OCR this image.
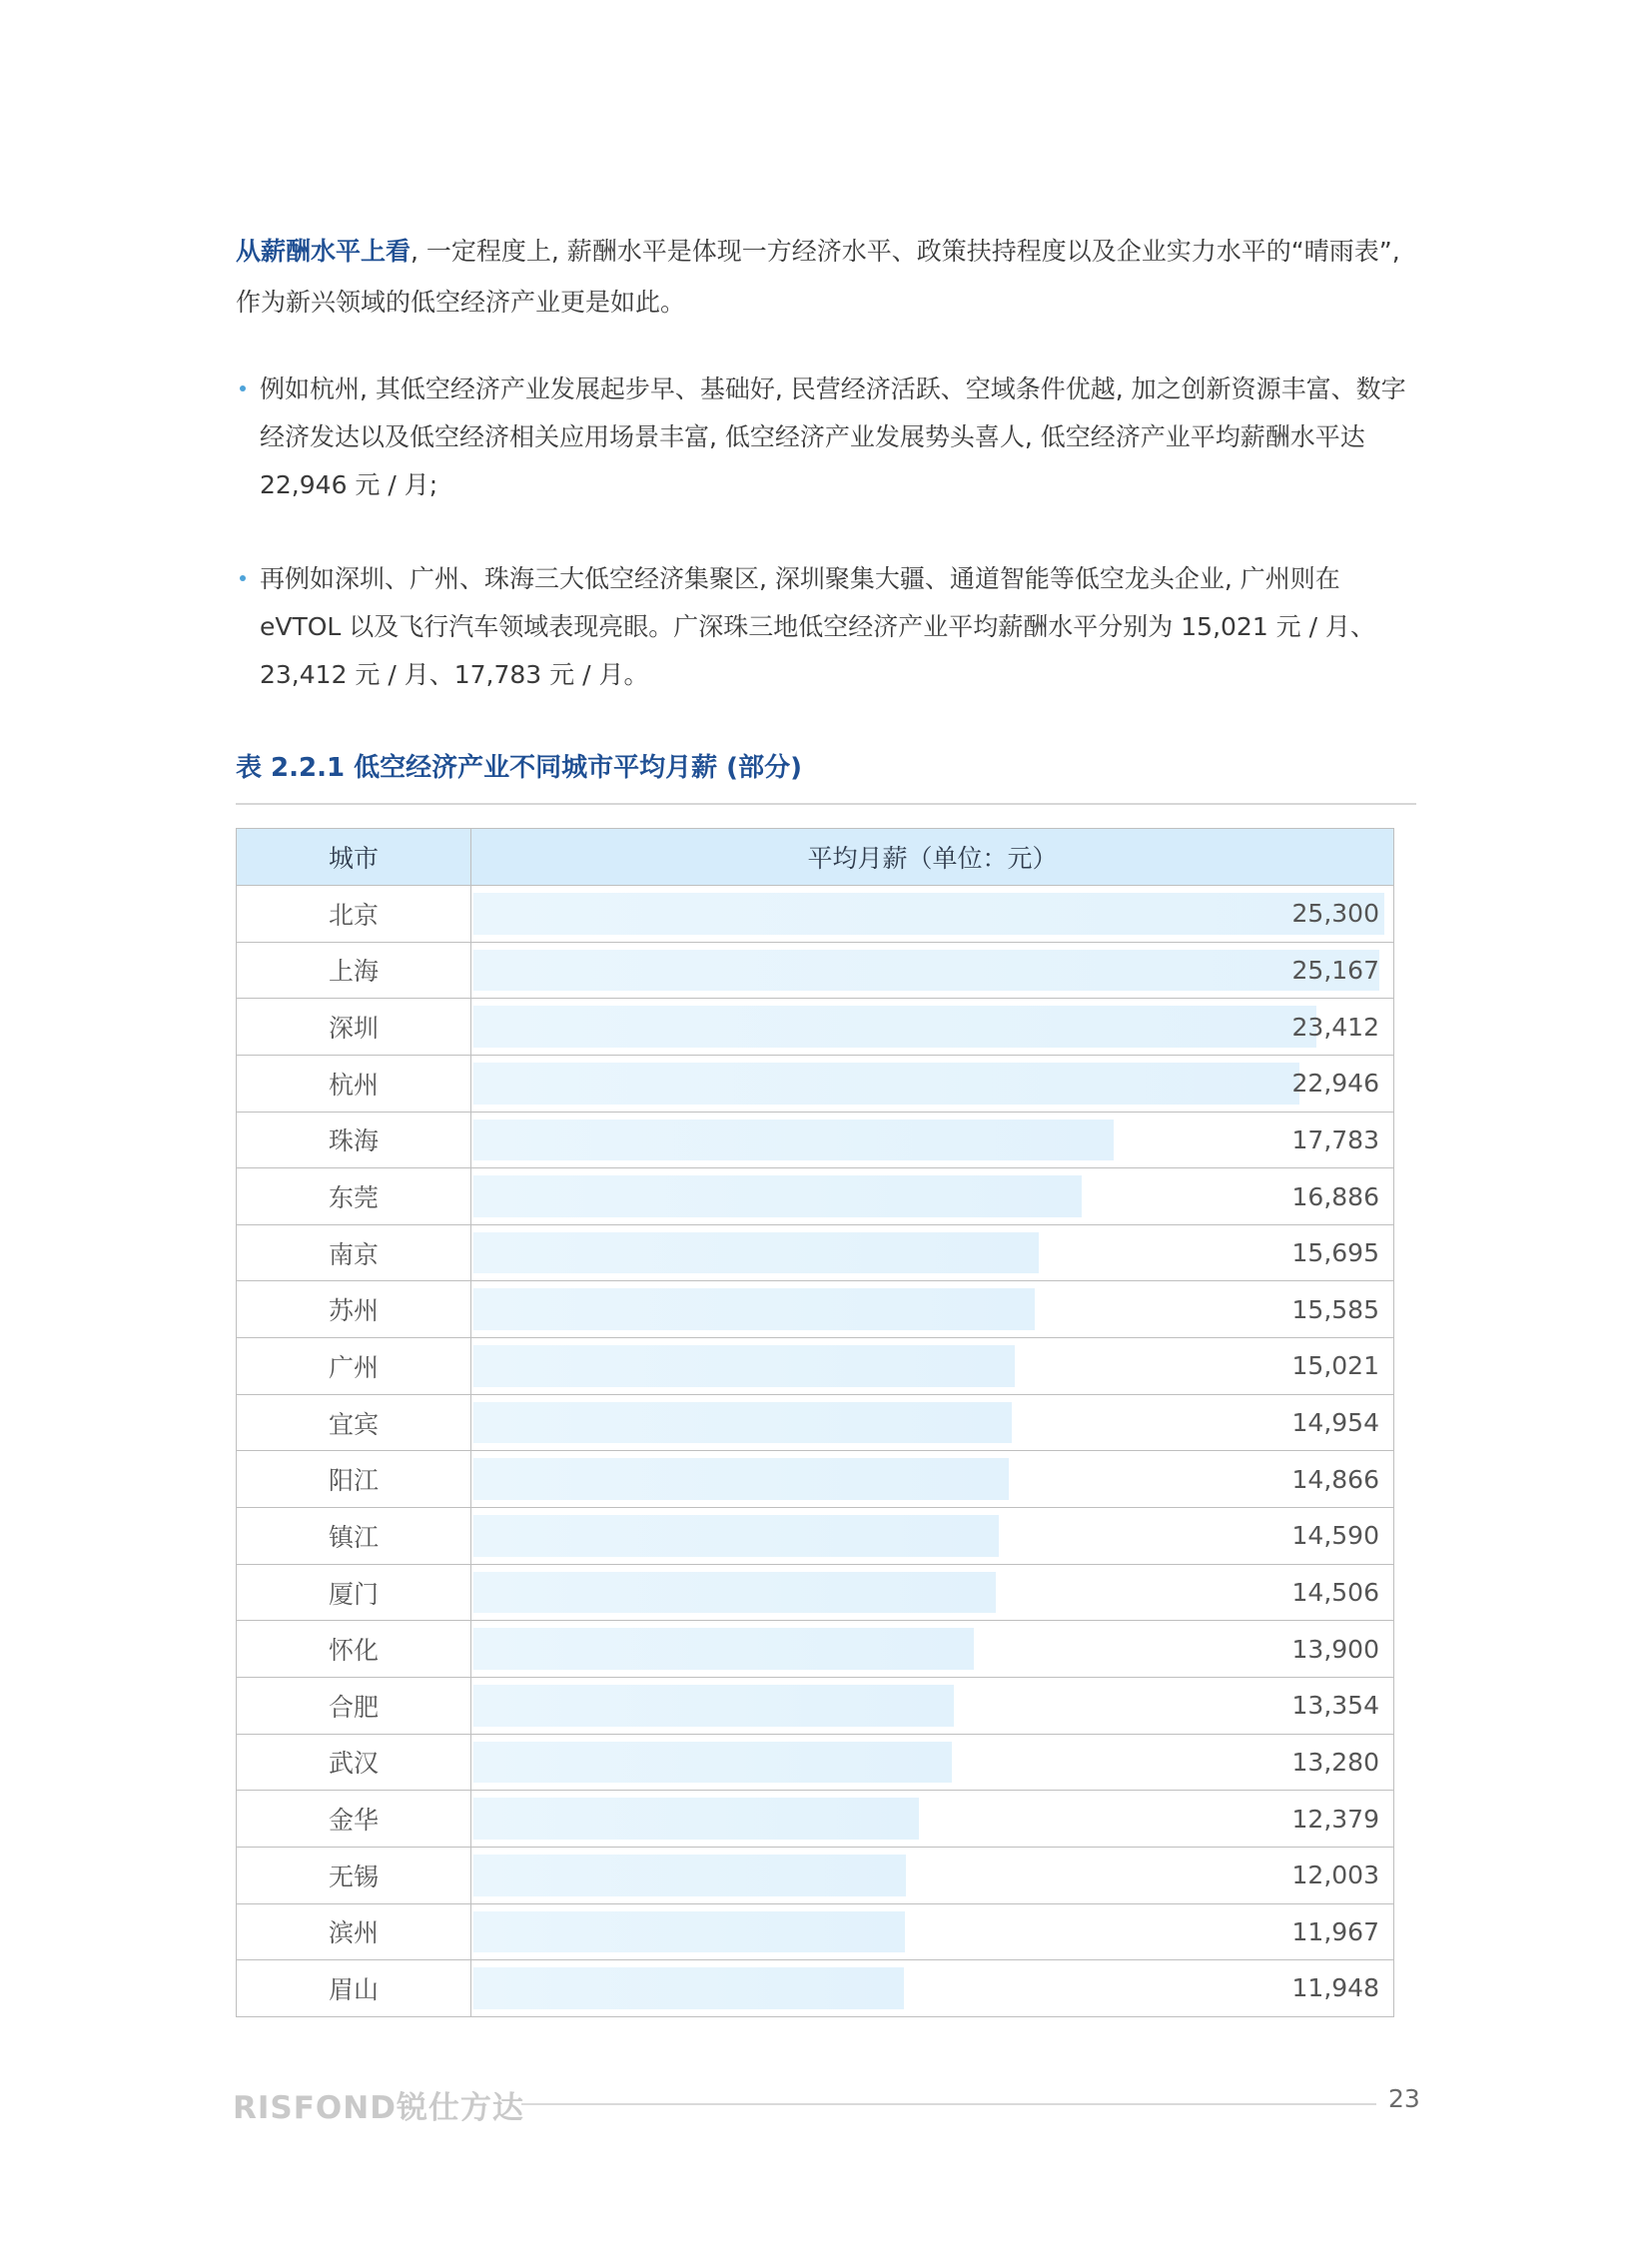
从薪酬水平上看, 一定程度上, 薪酬水平是体现一方经济水平、政策扶持程度以及企业实力水平的“晴雨表”, 作为新兴领域的低空经济产业更是如此。

例如杭州, 其低空经济产业发展起步早、基础好, 民营经济活跃、空域条件优越, 加之创新资源丰富、数字经济发达以及低空经济相关应用场景丰富, 低空经济产业发展势头喜人, 低空经济产业平均薪酬水平达 22,946 元 / 月;

再例如深圳、广州、珠海三大低空经济集聚区, 深圳聚集大疆、通道智能等低空龙头企业, 广州则在 eVTOL 以及飞行汽车领域表现亮眼。广深珠三地低空经济产业平均薪酬水平分别为 15,021 元 / 月、23,412 元 / 月、17,783 元 / 月。

表 2.2.1 低空经济产业不同城市平均月薪 (部分)
城市	平均月薪（单位：元）
北京	25,300
上海	25,167
深圳	23,412
杭州	22,946
珠海	17,783
东莞	16,886
南京	15,695
苏州	15,585
广州	15,021
宜宾	14,954
阳江	14,866
镇江	14,590
厦门	14,506
怀化	13,900
合肥	13,354
武汉	13,280
金华	12,379
无锡	12,003
滨州	11,967
眉山	11,948
RISFOND锐仕方达	23
